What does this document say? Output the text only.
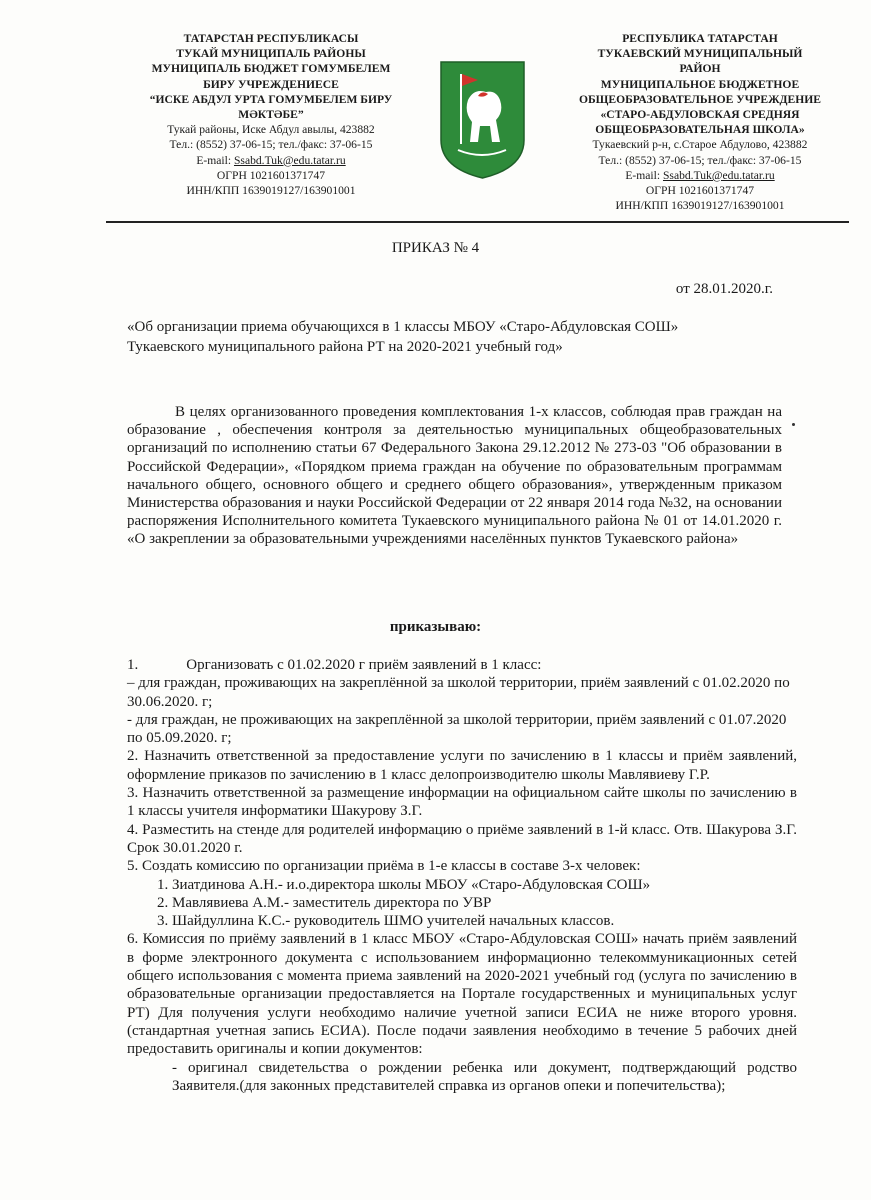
ТАТАРСТАН РЕСПУБЛИКАСЫ
ТУКАЙ МУНИЦИПАЛЬ РАЙОНЫ
МУНИЦИПАЛЬ БЮДЖЕТ ГОМУМБЕЛЕМ
БИРУ УЧРЕЖДЕНИЕСЕ
“ИСКЕ АБДУЛ УРТА ГОМУМБЕЛЕМ БИРУ
МӘКТӘБЕ”
Тукай районы, Иске Абдул авылы, 423882
Тел.: (8552) 37-06-15; тел./факс: 37-06-15
E-mail: Ssabd.Tuk@edu.tatar.ru
ОГРН 1021601371747
ИНН/КПП 1639019127/163901001
РЕСПУБЛИКА ТАТАРСТАН
ТУКАЕВСКИЙ МУНИЦИПАЛЬНЫЙ
РАЙОН
МУНИЦИПАЛЬНОЕ БЮДЖЕТНОЕ
ОБЩЕОБРАЗОВАТЕЛЬНОЕ УЧРЕЖДЕНИЕ
«СТАРО-АБДУЛОВСКАЯ СРЕДНЯЯ
ОБЩЕОБРАЗОВАТЕЛЬНАЯ ШКОЛА»
Тукаевский р-н, с.Старое Абдулово, 423882
Тел.: (8552) 37-06-15; тел./факс: 37-06-15
E-mail: Ssabd.Tuk@edu.tatar.ru
ОГРН 1021601371747
ИНН/КПП 1639019127/163901001
ПРИКАЗ № 4
от 28.01.2020.г.
«Об организации приема обучающихся в 1 классы МБОУ «Старо-Абдуловская СОШ»
Тукаевского муниципального района РТ на 2020-2021 учебный год»
В целях организованного проведения комплектования 1-х классов, соблюдая прав граждан на образование , обеспечения контроля за деятельностью муниципальных общеобразовательных организаций по исполнению статьи 67 Федерального Закона 29.12.2012 № 273-03 "Об образовании в Российской Федерации», «Порядком приема граждан на обучение по образовательным программам начального общего, основного общего и среднего общего образования», утвержденным приказом Министерства образования и науки Российской Федерации от 22 января 2014 года №32, на основании распоряжения Исполнительного комитета Тукаевского муниципального района № 01 от 14.01.2020 г. «О закреплении за образовательными учреждениями населённых пунктов Тукаевского района»
приказываю:

1.	Организовать с 01.02.2020 г приём заявлений в 1 класс:

– для граждан, проживающих на закреплённой за школой территории, приём заявлений с 01.02.2020 по 30.06.2020. г;

- для граждан, не проживающих на закреплённой за школой территории, приём заявлений с 01.07.2020 по 05.09.2020. г;

2. Назначить ответственной за предоставление услуги по зачислению в 1 классы и приём заявлений, оформление приказов по зачислению в 1 класс делопроизводителю школы Мавлявиеву Г.Р.

3. Назначить ответственной за размещение информации на официальном сайте школы по зачислению в 1 классы учителя информатики Шакурову З.Г.

4. Разместить на стенде для родителей информацию о приёме заявлений в 1-й класс. Отв. Шакурова З.Г. Срок 30.01.2020 г.

5. Создать комиссию по организации приёма в 1-е классы в составе 3-х человек:

1. Зиатдинова А.Н.- и.о.директора школы МБОУ «Старо-Абдуловская СОШ»

2. Мавлявиева А.М.- заместитель директора по УВР

3. Шайдуллина К.С.- руководитель ШМО учителей начальных классов.

6. Комиссия по приёму заявлений в 1 класс МБОУ «Старо-Абдуловская СОШ» начать приём заявлений в форме электронного документа с использованием информационно телекоммуникационных сетей общего использования с момента приема заявлений на 2020-2021 учебный год (услуга по зачислению в образовательные организации предоставляется на Портале государственных и муниципальных услуг РТ) Для получения услуги необходимо наличие учетной записи ЕСИА не ниже второго уровня. (стандартная учетная запись ЕСИА). После подачи заявления необходимо в течение 5 рабочих дней предоставить оригиналы и копии документов:

- оригинал свидетельства о рождении ребенка или документ, подтверждающий родство Заявителя.(для законных представителей справка из органов опеки и попечительства);
